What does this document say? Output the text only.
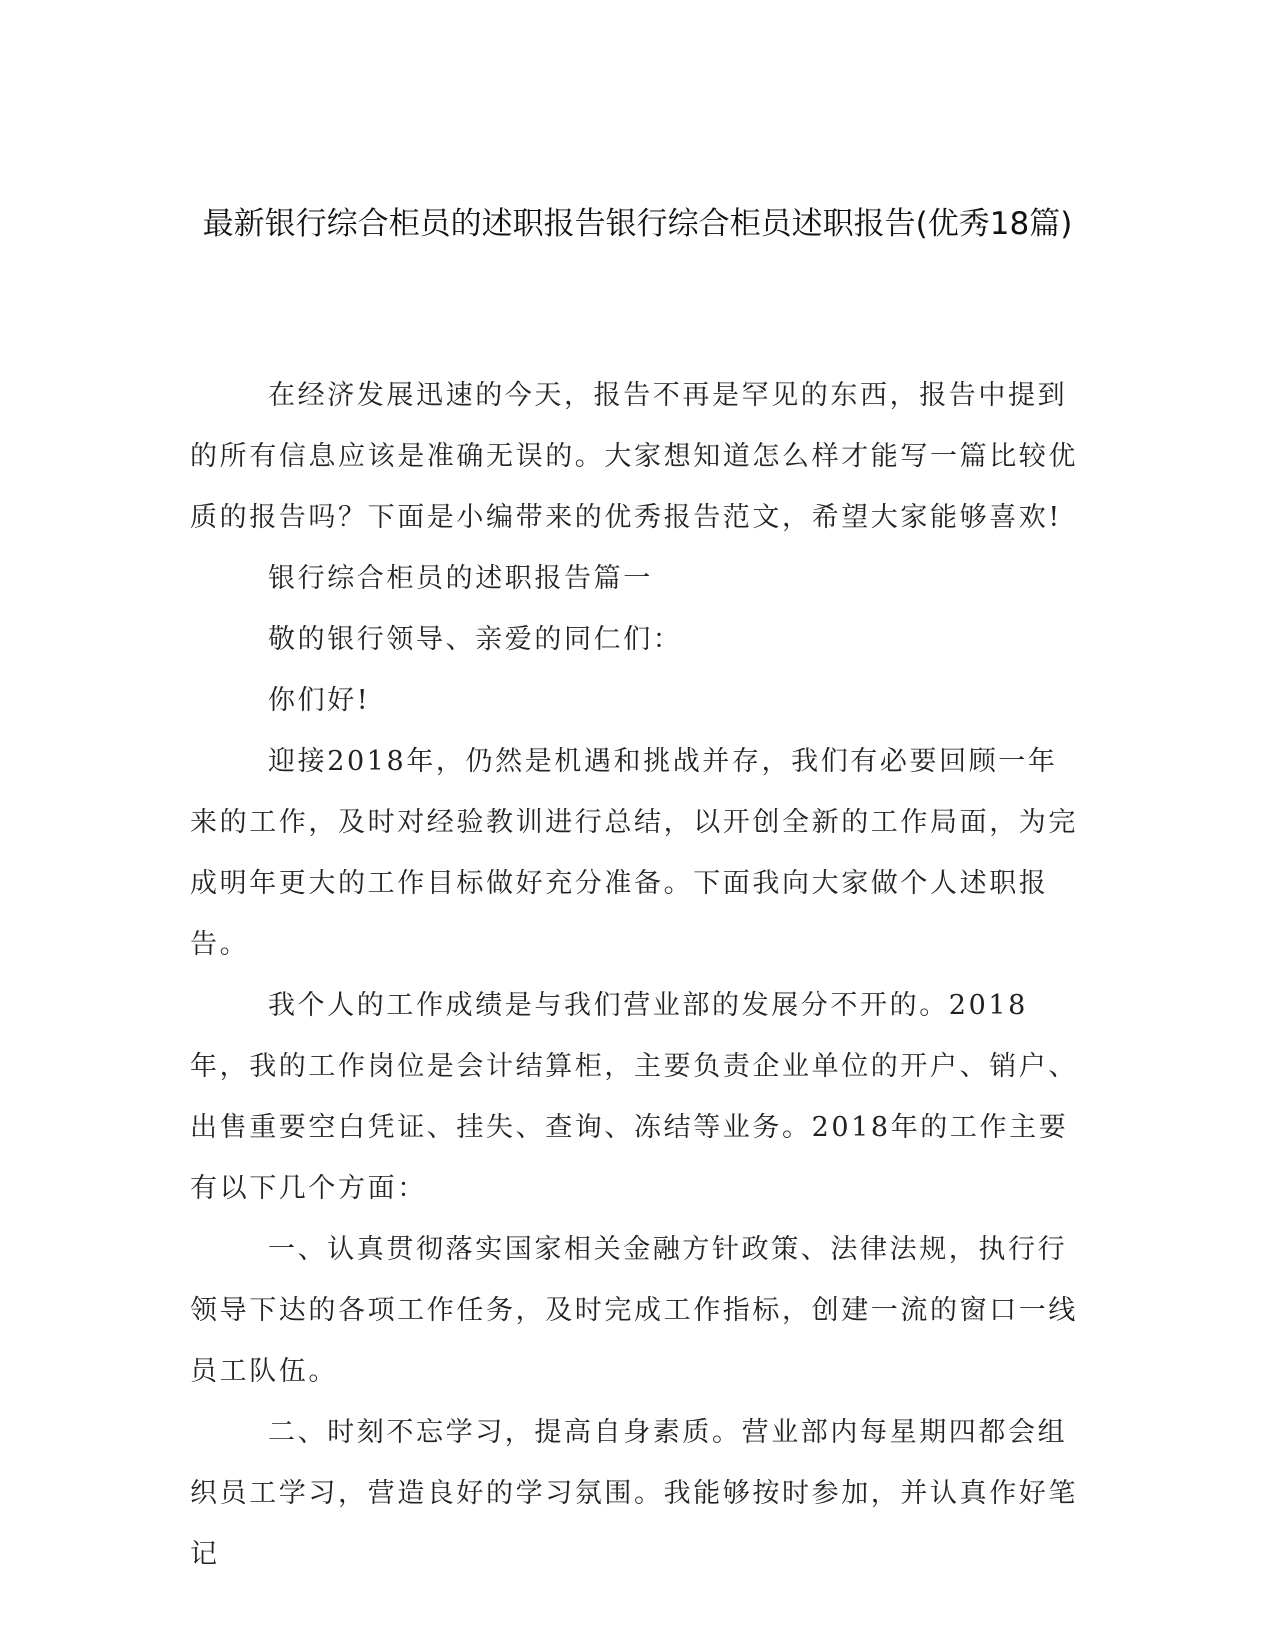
最新银行综合柜员的述职报告银行综合柜员述职报告(优秀18篇)

在经济发展迅速的今天，报告不再是罕见的东西，报告中提到的所有信息应该是准确无误的。大家想知道怎么样才能写一篇比较优质的报告吗？下面是小编带来的优秀报告范文，希望大家能够喜欢!

银行综合柜员的述职报告篇一

敬的银行领导、亲爱的同仁们：

你们好!

迎接2018年，仍然是机遇和挑战并存，我们有必要回顾一年来的工作，及时对经验教训进行总结，以开创全新的工作局面，为完成明年更大的工作目标做好充分准备。下面我向大家做个人述职报告。

我个人的工作成绩是与我们营业部的发展分不开的。2018年，我的工作岗位是会计结算柜，主要负责企业单位的开户、销户、出售重要空白凭证、挂失、查询、冻结等业务。2018年的工作主要有以下几个方面：

一、认真贯彻落实国家相关金融方针政策、法律法规，执行行领导下达的各项工作任务，及时完成工作指标，创建一流的窗口一线员工队伍。

二、时刻不忘学习，提高自身素质。营业部内每星期四都会组织员工学习，营造良好的学习氛围。我能够按时参加，并认真作好笔记
